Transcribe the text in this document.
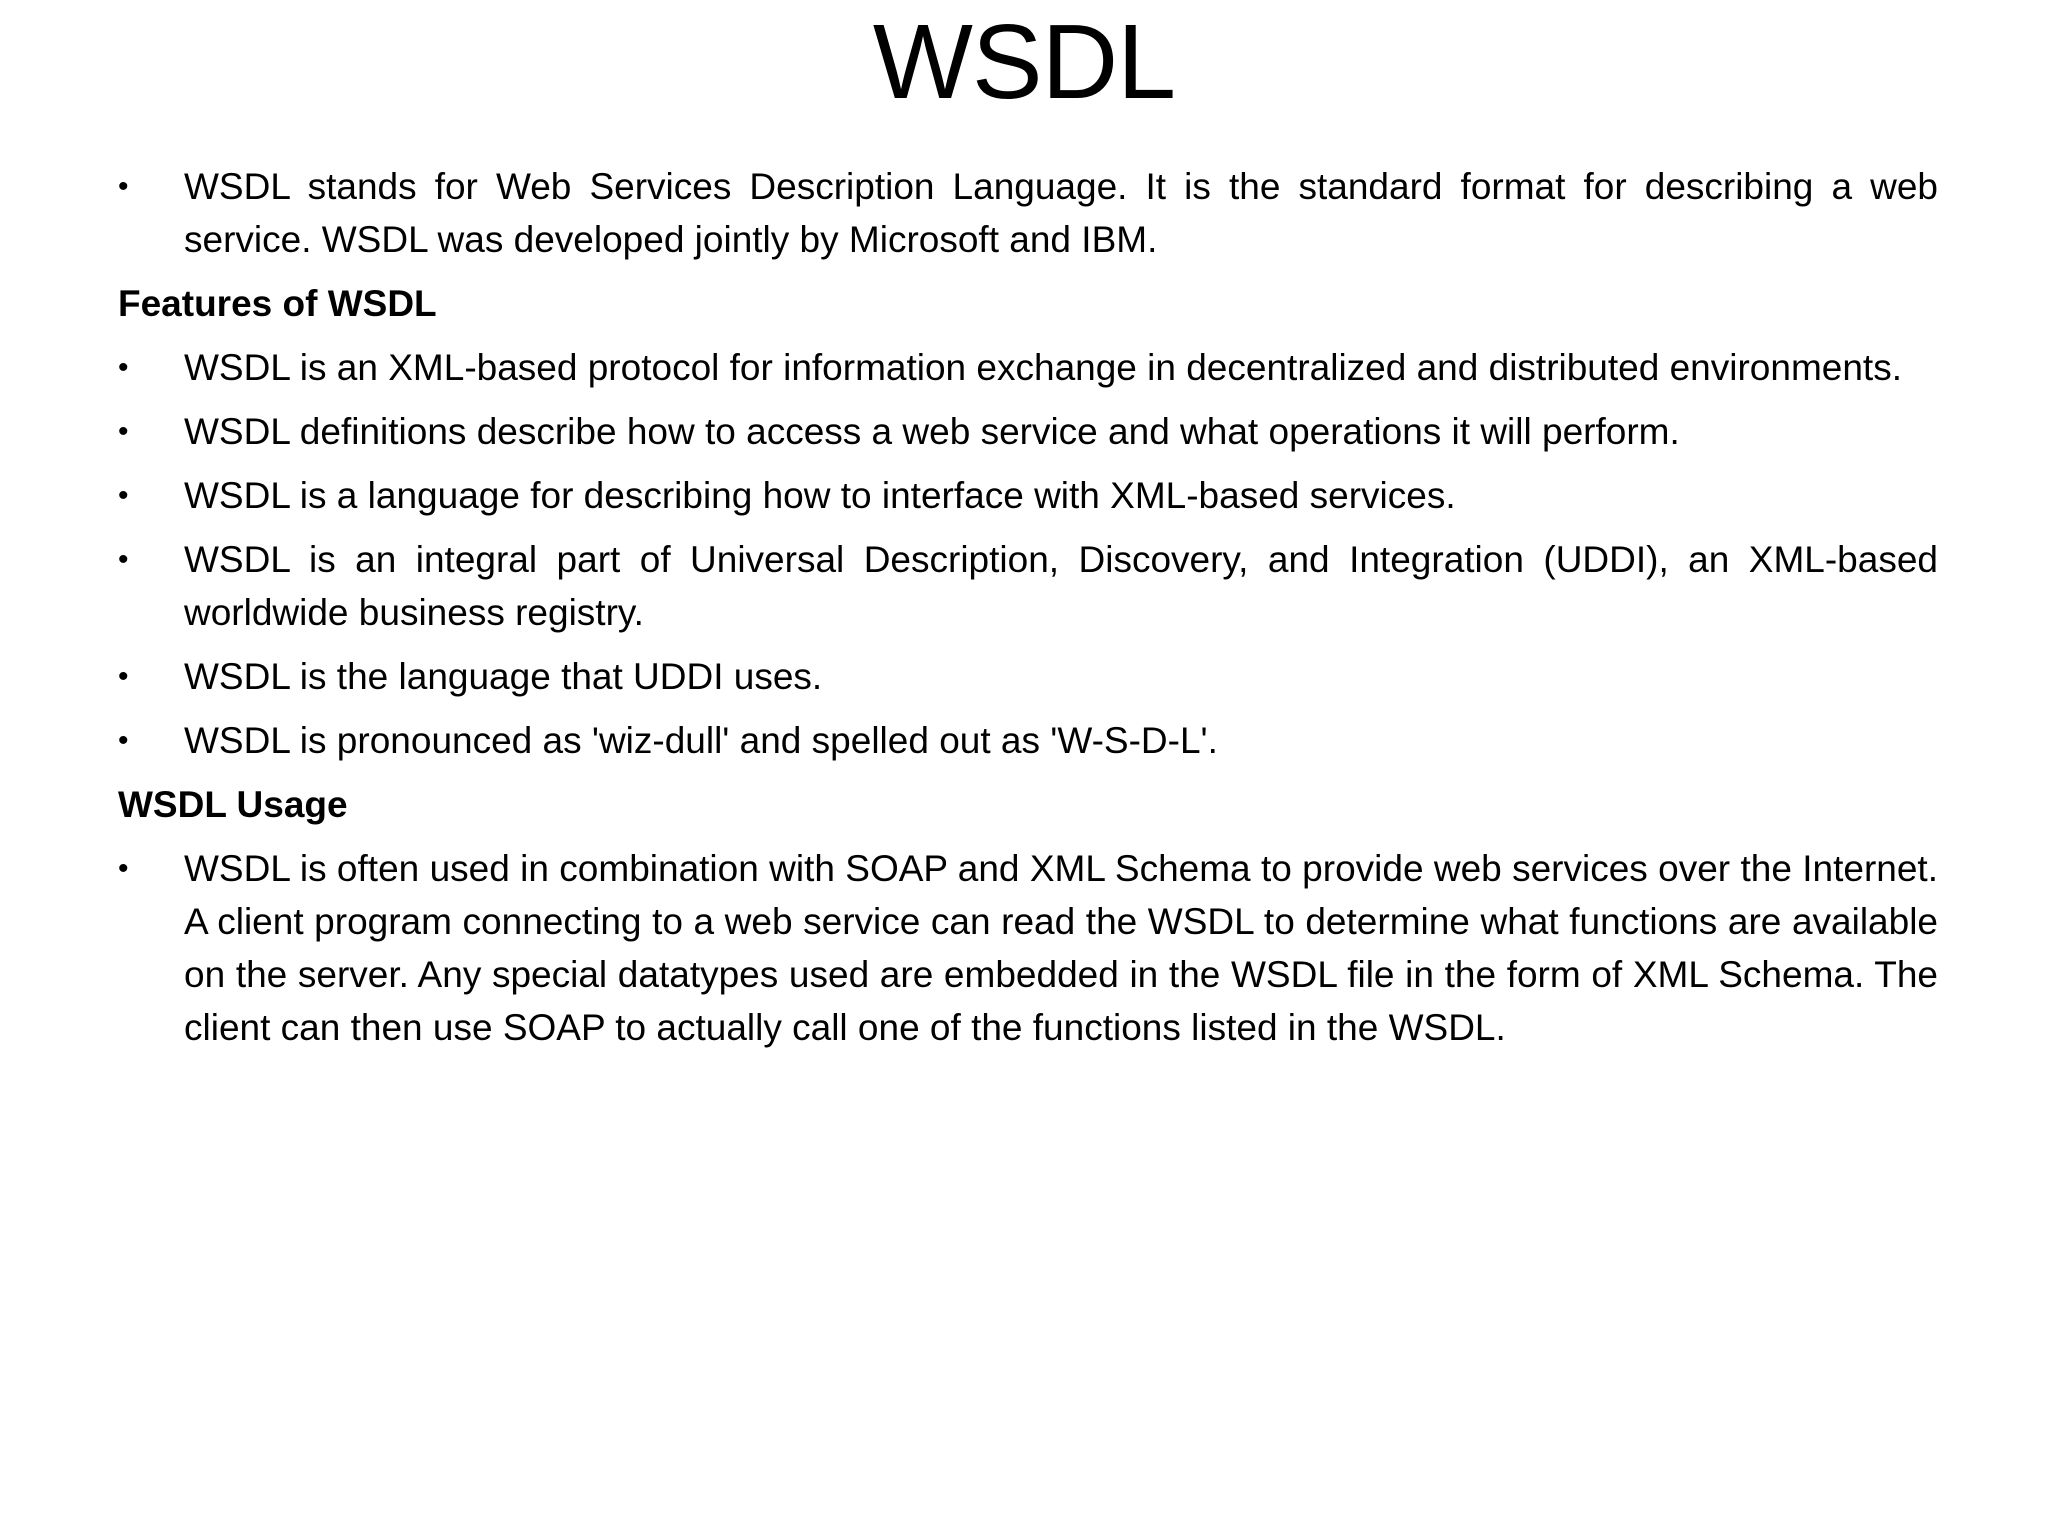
WSDL
•	WSDL stands for Web Services Description Language. It is the standard format for describing a web service. WSDL was developed jointly by Microsoft and IBM.
Features of WSDL
•	WSDL is an XML-based protocol for information exchange in decentralized and distributed environments.
•	WSDL definitions describe how to access a web service and what operations it will perform.
•	WSDL is a language for describing how to interface with XML-based services.
•	WSDL is an integral part of Universal Description, Discovery, and Integration (UDDI), an XML-based worldwide business registry.
•	WSDL is the language that UDDI uses.
•	WSDL is pronounced as 'wiz-dull' and spelled out as 'W-S-D-L'.
WSDL Usage
•	WSDL is often used in combination with SOAP and XML Schema to provide web services over the Internet. A client program connecting to a web service can read the WSDL to determine what functions are available on the server. Any special datatypes used are embedded in the WSDL file in the form of XML Schema. The client can then use SOAP to actually call one of the functions listed in the WSDL.
